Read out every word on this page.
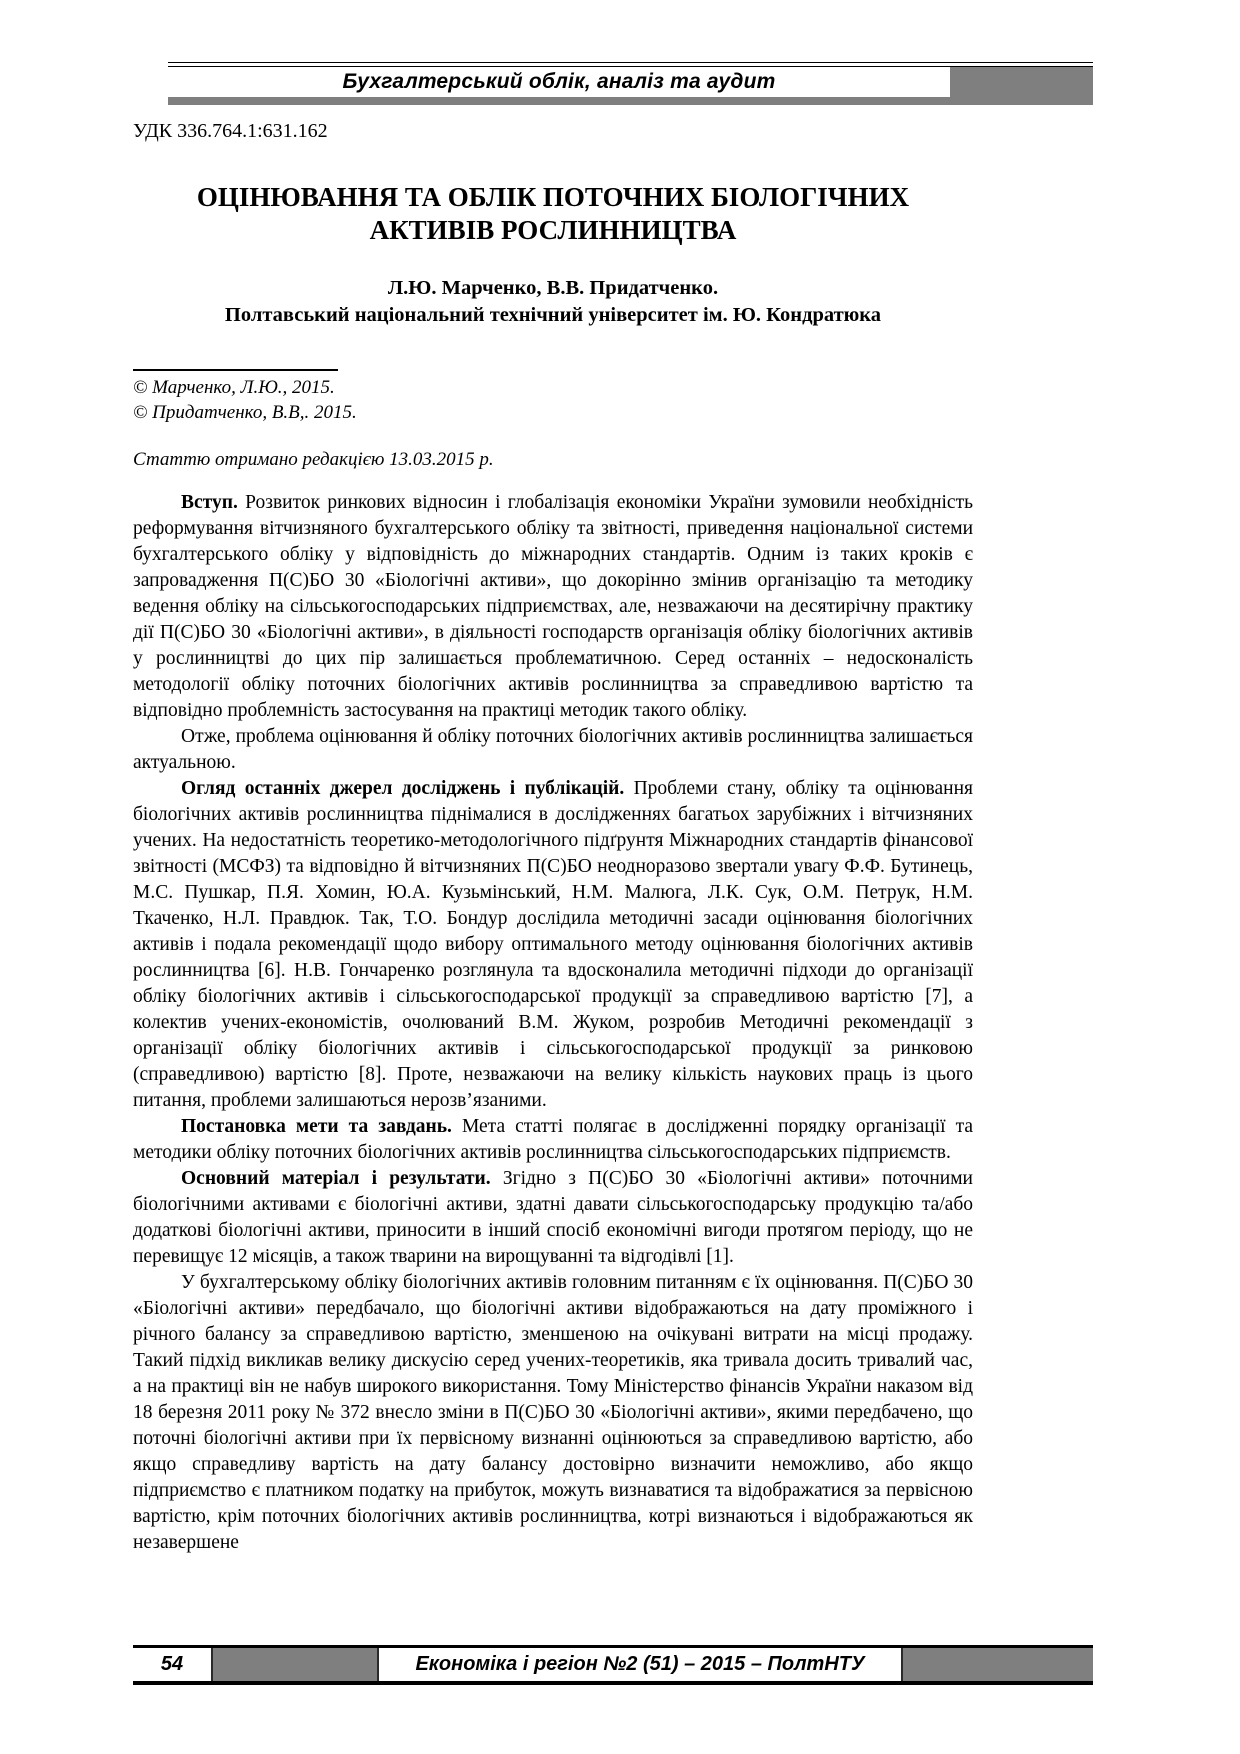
Бухгалтерський облік, аналіз та аудит

УДК 336.764.1:631.162

ОЦІНЮВАННЯ ТА ОБЛІК ПОТОЧНИХ БІОЛОГІЧНИХ
АКТИВІВ РОСЛИННИЦТВА

Л.Ю. Марченко, В.В. Придатченко.

Полтавський національний технічний університет ім. Ю. Кондратюка

© Марченко, Л.Ю., 2015.

© Придатченко, В.В,. 2015.

Статтю отримано редакцією 13.03.2015 р.

Вступ. Розвиток ринкових відносин і глобалізація економіки України зумовили необхідність реформування вітчизняного бухгалтерського обліку та звітності, приведення національної системи бухгалтерського обліку у відповідність до міжнародних стандартів. Одним із таких кроків є запровадження П(С)БО 30 «Біологічні активи», що докорінно змінив організацію та методику ведення обліку на сільськогосподарських підприємствах, але, незважаючи на десятирічну практику дії П(С)БО 30 «Біологічні активи», в діяльності господарств організація обліку біологічних активів у рослинництві до цих пір залишається проблематичною. Серед останніх – недосконалість методології обліку поточних біологічних активів рослинництва за справедливою вартістю та відповідно проблемність застосування на практиці методик такого обліку.

Отже, проблема оцінювання й обліку поточних біологічних активів рослинництва залишається актуальною.

Огляд останніх джерел досліджень і публікацій. Проблеми стану, обліку та оцінювання біологічних активів рослинництва піднімалися в дослідженнях багатьох зарубіжних і вітчизняних учених. На недостатність теоретико-методологічного підґрунтя Міжнародних стандартів фінансової звітності (МСФЗ) та відповідно й вітчизняних П(С)БО неодноразово звертали увагу Ф.Ф. Бутинець, М.С. Пушкар, П.Я. Хомин, Ю.А. Кузьмінський, Н.М. Малюга, Л.К. Сук, О.М. Петрук, Н.М. Ткаченко, Н.Л. Правдюк. Так, Т.О. Бондур дослідила методичні засади оцінювання біологічних активів і подала рекомендації щодо вибору оптимального методу оцінювання біологічних активів рослинництва [6]. Н.В. Гончаренко розглянула та вдосконалила методичні підходи до організації обліку біологічних активів і сільськогосподарської продукції за справедливою вартістю [7], а колектив учених-економістів, очолюваний В.М. Жуком, розробив Методичні рекомендації з організації обліку біологічних активів і сільськогосподарської продукції за ринковою (справедливою) вартістю [8]. Проте, незважаючи на велику кількість наукових праць із цього питання, проблеми залишаються нерозв’язаними.

Постановка мети та завдань. Мета статті полягає в дослідженні порядку організації та методики обліку поточних біологічних активів рослинництва сільськогосподарських підприємств.

Основний матеріал і результати. Згідно з П(С)БО 30 «Біологічні активи» поточними біологічними активами є біологічні активи, здатні давати сільськогосподарську продукцію та/або додаткові біологічні активи, приносити в інший спосіб економічні вигоди протягом періоду, що не перевищує 12 місяців, а також тварини на вирощуванні та відгодівлі [1].

У бухгалтерському обліку біологічних активів головним питанням є їх оцінювання. П(С)БО 30 «Біологічні активи» передбачало, що біологічні активи відображаються на дату проміжного і річного балансу за справедливою вартістю, зменшеною на очікувані витрати на місці продажу. Такий підхід викликав велику дискусію серед учених-теоретиків, яка тривала досить тривалий час, а на практиці він не набув широкого використання. Тому Міністерство фінансів України наказом від 18 березня 2011 року № 372 внесло зміни в П(С)БО 30 «Біологічні активи», якими передбачено, що поточні біологічні активи при їх первісному визнанні оцінюються за справедливою вартістю, або якщо справедливу вартість на дату балансу достовірно визначити неможливо, або якщо підприємство є платником податку на прибуток, можуть визнаватися та відображатися за первісною вартістю, крім поточних біологічних активів рослинництва, котрі визнаються і відображаються як незавершене

54	Економіка і регіон №2 (51) – 2015 – ПолтНТУ
